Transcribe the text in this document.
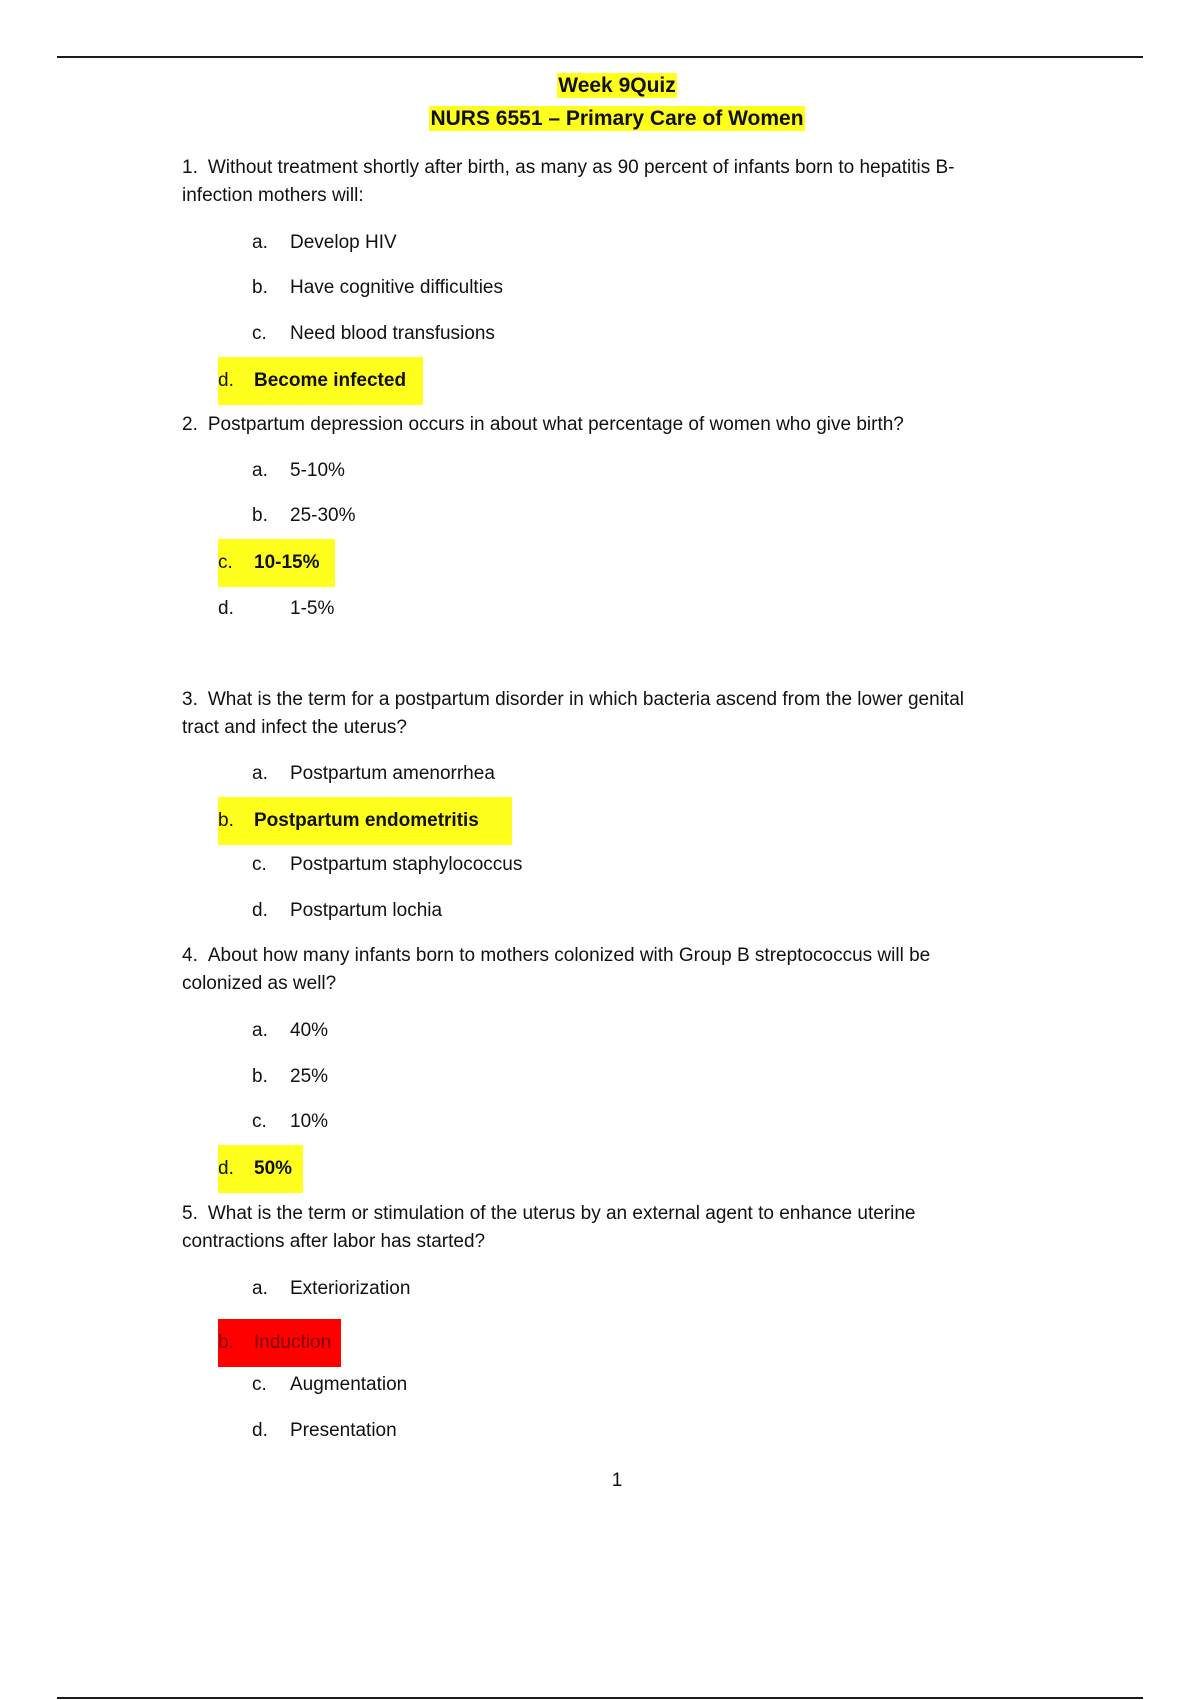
Week 9Quiz
NURS 6551 – Primary Care of Women
1. Without treatment shortly after birth, as many as 90 percent of infants born to hepatitis B-
infection mothers will:
a. Develop HIV
b. Have cognitive difficulties
c. Need blood transfusions
d. Become infected
2. Postpartum depression occurs in about what percentage of women who give birth?
a. 5-10%
b. 25-30%
c. 10-15%
d.	1-5%
3. What is the term for a postpartum disorder in which bacteria ascend from the lower genital
tract and infect the uterus?
a. Postpartum amenorrhea
b. Postpartum endometritis
c. Postpartum staphylococcus
d. Postpartum lochia
4. About how many infants born to mothers colonized with Group B streptococcus will be
colonized as well?
a. 40%
b. 25%
c. 10%
d. 50%
5. What is the term or stimulation of the uterus by an external agent to enhance uterine
contractions after labor has started?
a. Exteriorization
b. Induction
c. Augmentation
d. Presentation
1
